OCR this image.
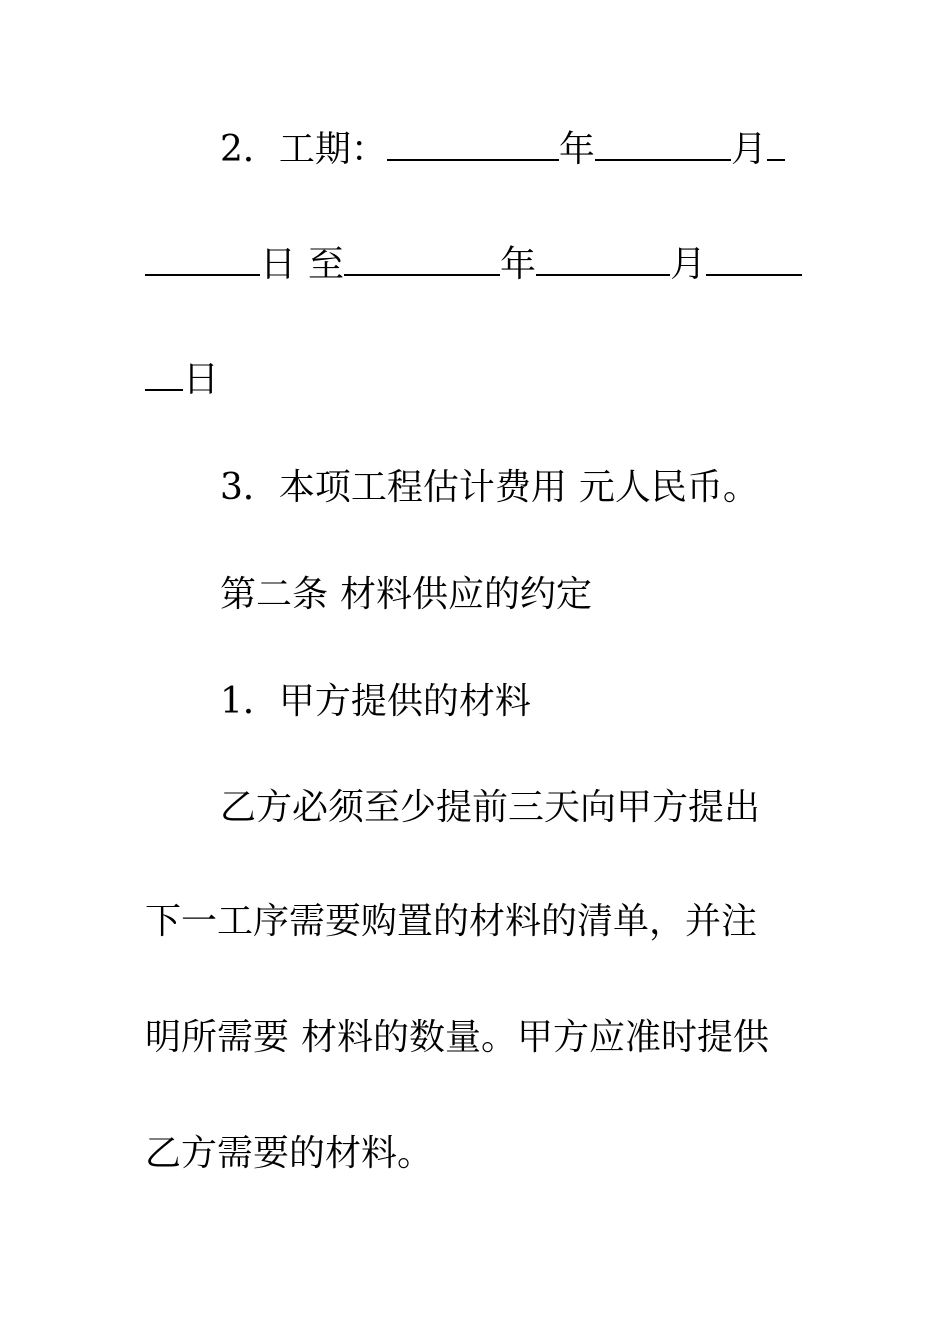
2．工期：	年	月
日 至	年	月
日
3．本项工程估计费用 元人民币。
第二条 材料供应的约定
1．甲方提供的材料
乙方必须至少提前三天向甲方提出
下一工序需要购置的材料的清单，并注
明所需要 材料的数量。甲方应准时提供
乙方需要的材料。
